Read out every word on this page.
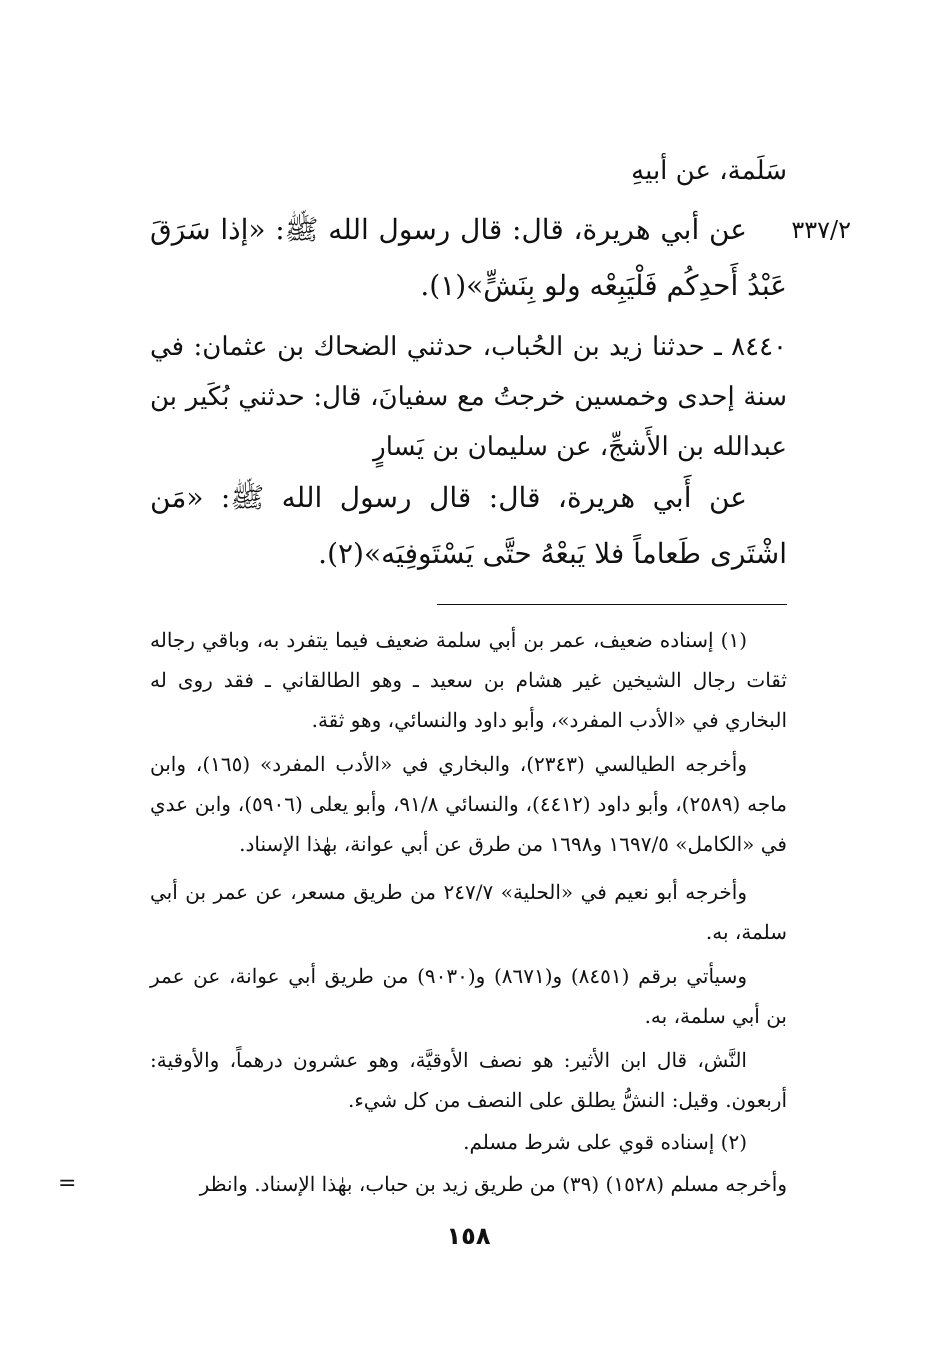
سَلَمة، عن أبيهِ
٣٣٧/٢
عن أبي هريرة، قال: قال رسول الله ﷺ: «إذا سَرَقَ عَبْدُ أَحدِكُم فَلْيَبِعْه ولو بِنَشٍّ»(١).
٨٤٤٠ ـ حدثنا زيد بن الحُباب، حدثني الضحاك بن عثمان: في سنة إحدى وخمسين خرجتُ مع سفيانَ، قال: حدثني بُكَير بن عبدالله بن الأَشجِّ، عن سليمان بن يَسارٍ
عن أَبي هريرة، قال: قال رسول الله ﷺ: «مَن اشْتَرى طَعاماً فلا يَبعْهُ حتَّى يَسْتَوفِيَه»(٢).
(١) إسناده ضعيف، عمر بن أبي سلمة ضعيف فيما يتفرد به، وباقي رجاله ثقات رجال الشيخين غير هشام بن سعيد ـ وهو الطالقاني ـ فقد روى له البخاري في «الأدب المفرد»، وأبو داود والنسائي، وهو ثقة.
وأخرجه الطيالسي (٢٣٤٣)، والبخاري في «الأدب المفرد» (١٦٥)، وابن ماجه (٢٥٨٩)، وأبو داود (٤٤١٢)، والنسائي ٩١/٨، وأبو يعلى (٥٩٠٦)، وابن عدي في «الكامل» ١٦٩٧/٥ و١٦٩٨ من طرق عن أبي عوانة، بهٰذا الإسناد.
وأخرجه أبو نعيم في «الحلية» ٢٤٧/٧ من طريق مسعر، عن عمر بن أبي سلمة، به.
وسيأتي برقم (٨٤٥١) و(٨٦٧١) و(٩٠٣٠) من طريق أبي عوانة، عن عمر بن أبي سلمة، به.
النَّش، قال ابن الأثير: هو نصف الأوقيَّة، وهو عشرون درهماً، والأوقية: أربعون. وقيل: النشُّ يطلق على النصف من كل شيء.
(٢) إسناده قوي على شرط مسلم.
وأخرجه مسلم (١٥٢٨) (٣٩) من طريق زيد بن حباب، بهٰذا الإسناد. وانظر
=
١٥٨
